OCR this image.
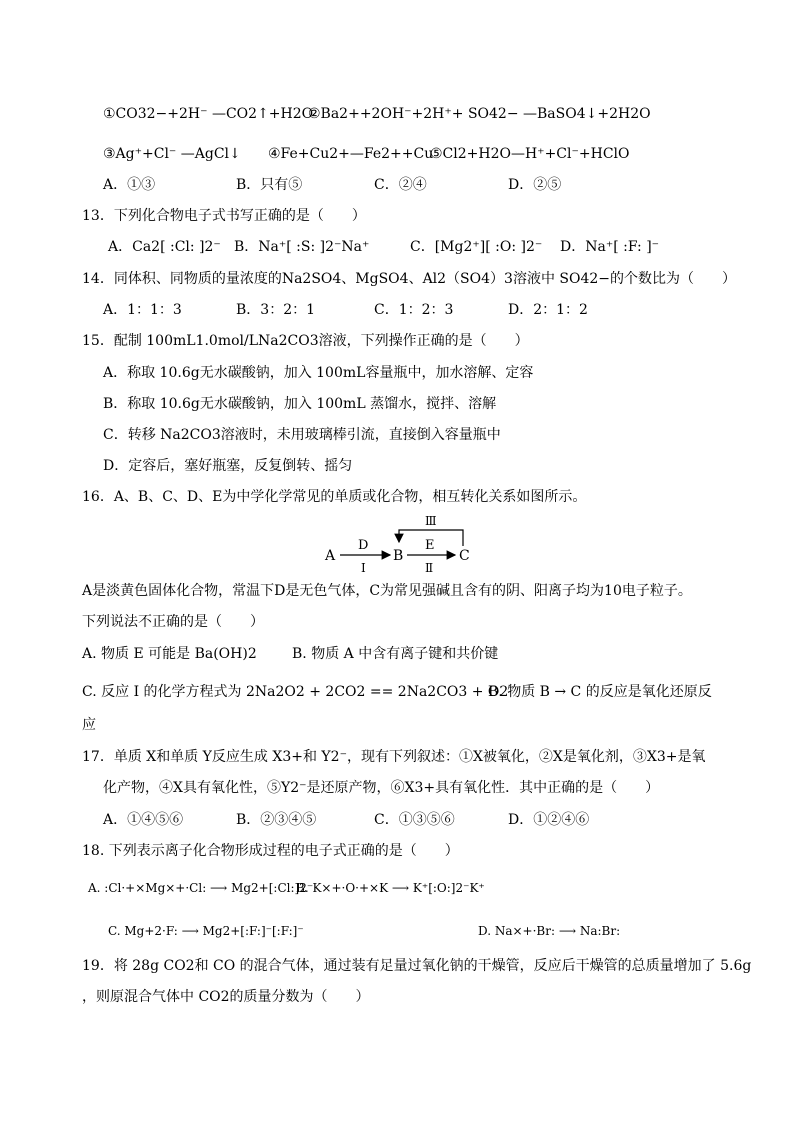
①CO32−+2H⁻ —CO2↑+H2O
②Ba2++2OH⁻+2H⁺+ SO42− —BaSO4↓+2H2O
③Ag⁺+Cl⁻ —AgCl↓ ④Fe+Cu2+—Fe2++Cu
⑤Cl2+H2O—H⁺+Cl⁻+HClO
A．①③	B．只有⑤	C．②④	D．②⑤
13．下列化合物电子式书写正确的是（　　）
A．Ca2[ :Cl: ]2⁻ B．Na⁺[ :S: ]2⁻Na⁺	C．[Mg2⁺][ :O: ]2⁻ D．Na⁺[ :F: ]⁻
14．同体积、同物质的量浓度的Na2SO4、MgSO4、Al2（SO4）3溶液中 SO42−的个数比为（　　）
A．1：1：3	B．3：2：1	C．1：2：3	D．2：1：2
15．配制 100mL1.0mol/LNa2CO3溶液，下列操作正确的是（　　）
A．称取 10.6g无水碳酸钠，加入 100mL容量瓶中，加水溶解、定容
B．称取 10.6g无水碳酸钠，加入 100mL 蒸馏水，搅拌、溶解
C．转移 Na2CO3溶液时，未用玻璃棒引流，直接倒入容量瓶中
D．定容后，塞好瓶塞，反复倒转、摇匀
16．A、B、C、D、E为中学化学常见的单质或化合物，相互转化关系如图所示。
A
D
I
B
E
Ⅱ
C
Ⅲ
A是淡黄色固体化合物，常温下D是无色气体，C为常见强碱且含有的阴、阳离子均为10电子粒子。
下列说法不正确的是（　　）
A. 物质 E 可能是 Ba(OH)2	B. 物质 A 中含有离子键和共价键
C. 反应 I 的化学方程式为 2Na2O2 + 2CO2 == 2Na2CO3 + O2
B. 物质 B → C 的反应是氧化还原反
应
17．单质 X和单质 Y反应生成 X3+和 Y2⁻，现有下列叙述：①X被氧化，②X是氧化剂，③X3+是氧
化产物，④X具有氧化性，⑤Y2⁻是还原产物，⑥X3+具有氧化性．其中正确的是（　　）
A．①④⑤⑥	B．②③④⑤	C．①③⑤⑥	D．①②④⑥
18. 下列表示离子化合物形成过程的电子式正确的是（　　）
A. :Cl·+×Mg×+·Cl: ⟶ Mg2+[:Cl:]2⁻
B. K×+·O·+×K ⟶ K⁺[:O:]2⁻K⁺
C. Mg+2·F: ⟶ Mg2+[:F:]⁻[:F:]⁻	D. Na×+·Br: ⟶ Na:Br:
19．将 28g CO2和 CO 的混合气体，通过装有足量过氧化钠的干燥管，反应后干燥管的总质量增加了 5.6g
，则原混合气体中 CO2的质量分数为（　　）
